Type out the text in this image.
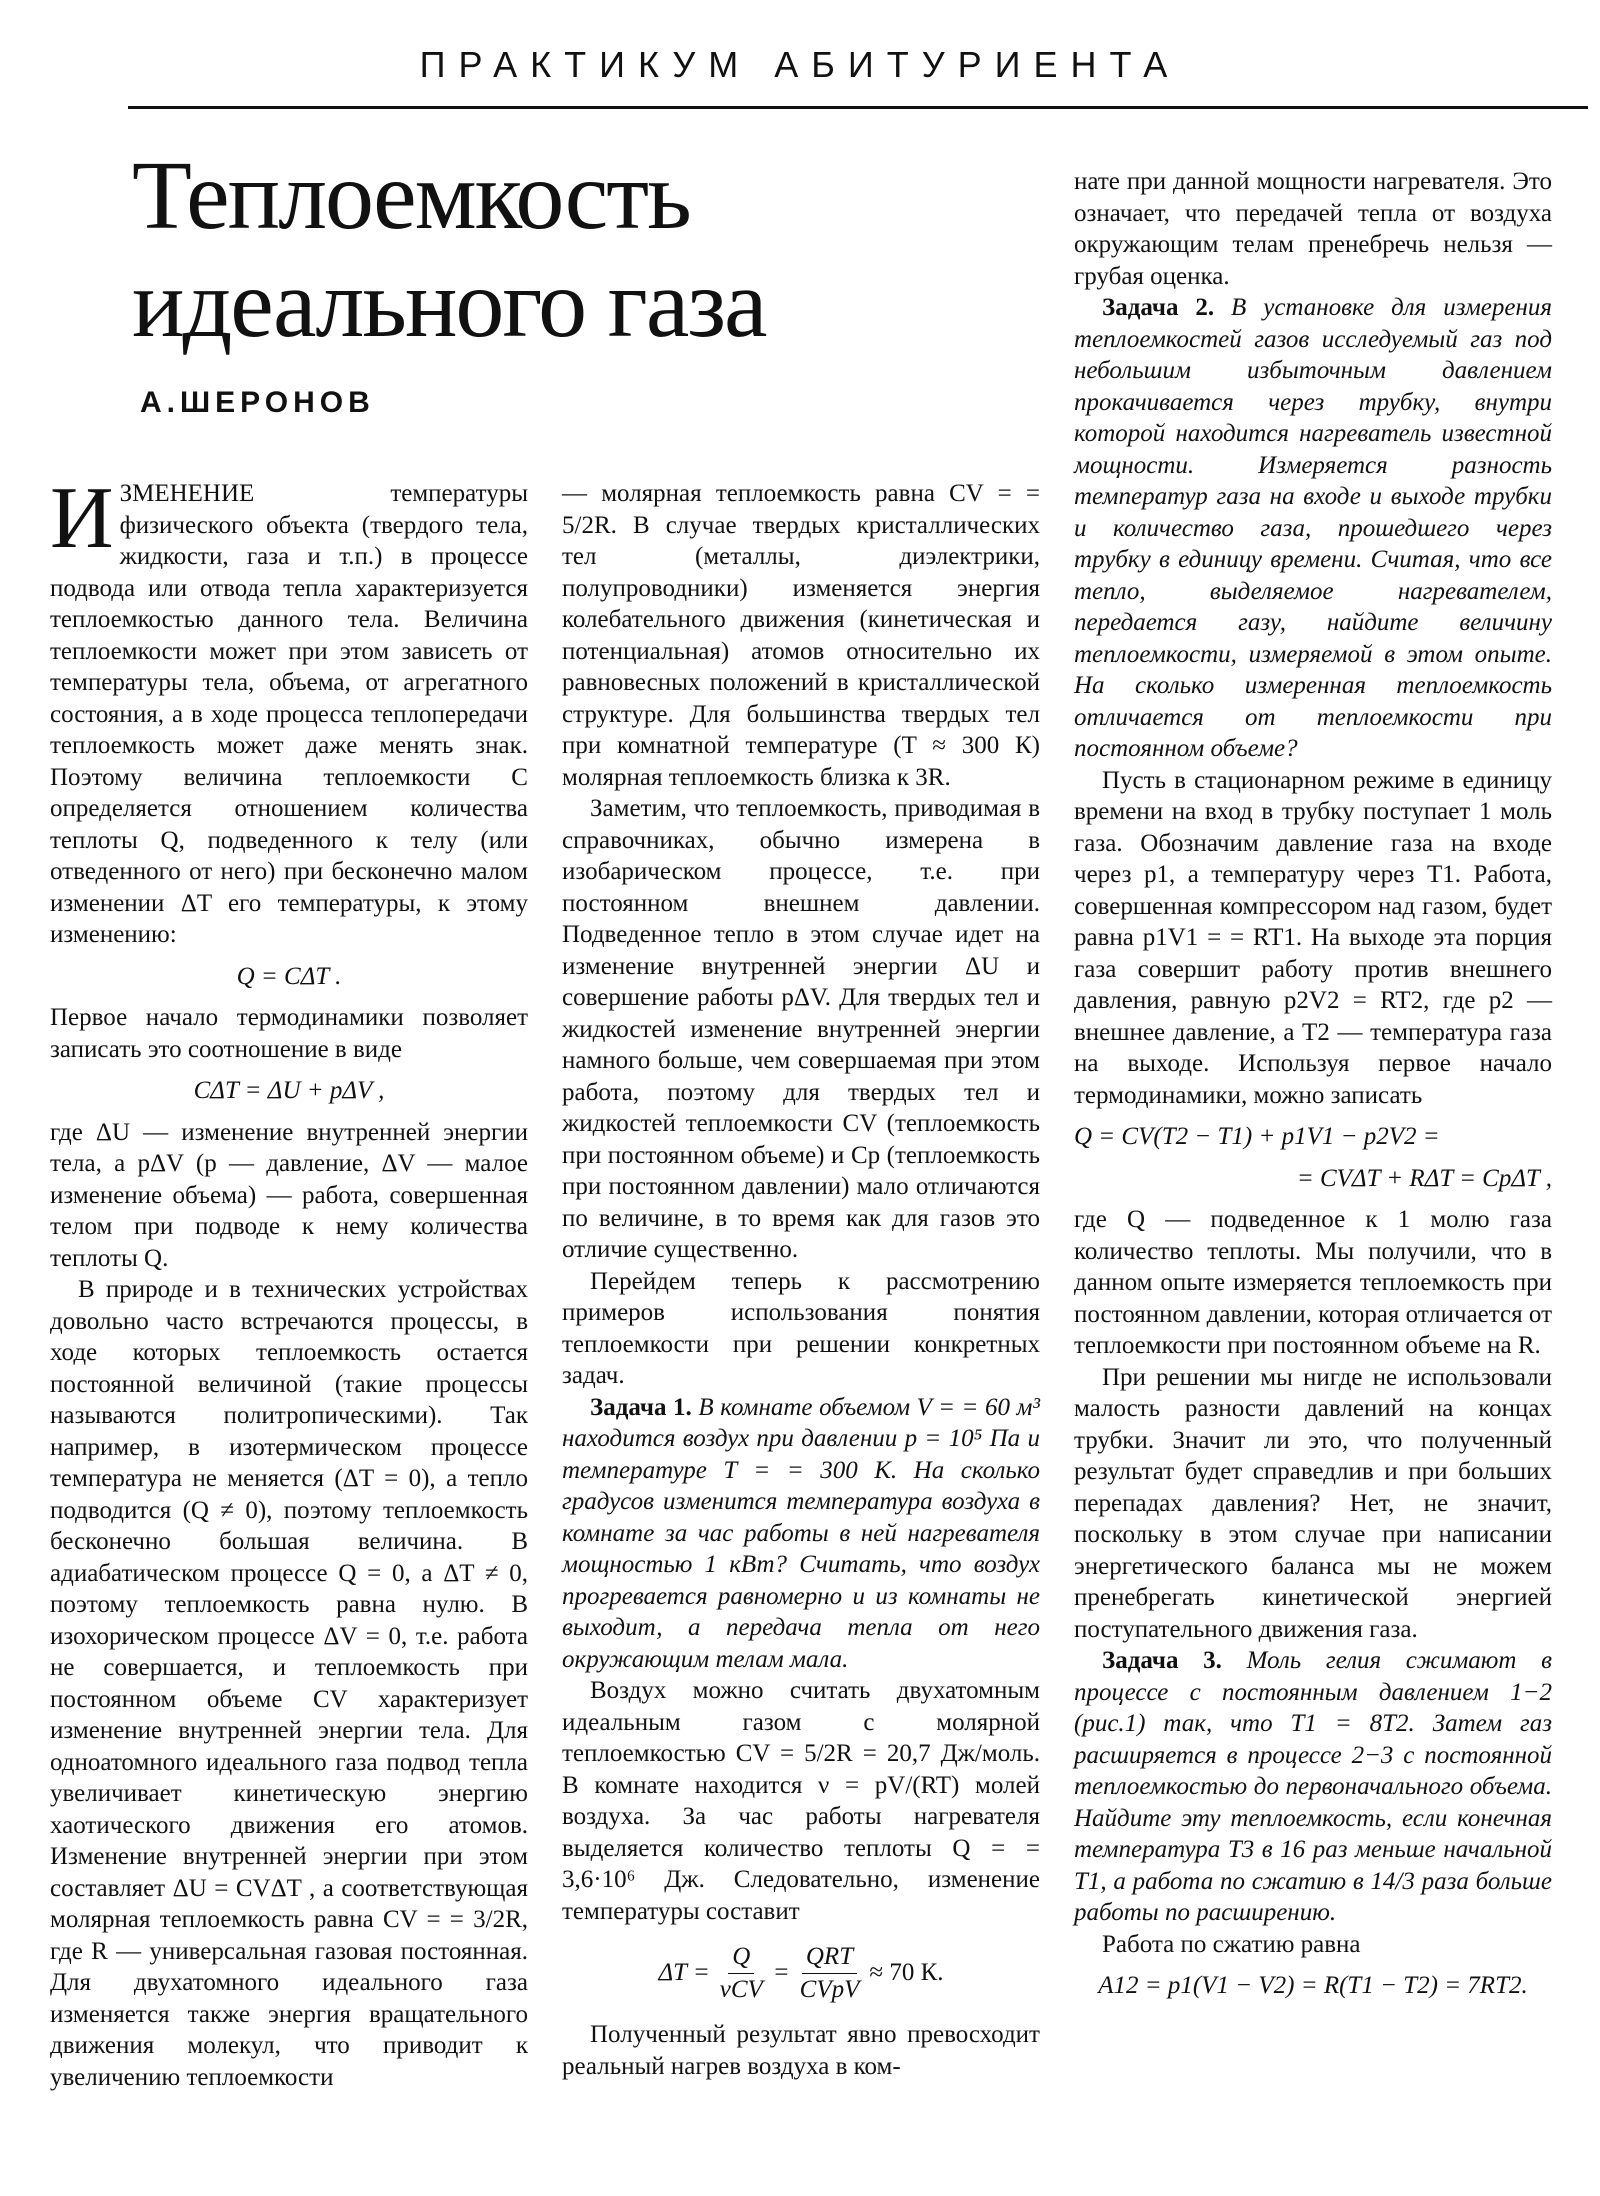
ПРАКТИКУМ АБИТУРИЕНТА
Теплоемкость идеального газа
А.ШЕРОНОВ

ИЗМЕНЕНИЕ температуры физического объекта (твердого тела, жидкости, газа и т.п.) в процессе подвода или отвода тепла характеризуется теплоемкостью данного тела. Величина теплоемкости может при этом зависеть от температуры тела, объема, от агрегатного состояния, а в ходе процесса теплопередачи теплоемкость может даже менять знак. Поэтому величина теплоемкости C определяется отношением количества теплоты Q, подведенного к телу (или отведенного от него) при бесконечно малом изменении ΔT его температуры, к этому изменению:

Q = CΔT .

Первое начало термодинамики позволяет записать это соотношение в виде

CΔT = ΔU + pΔV ,

где ΔU — изменение внутренней энергии тела, а pΔV (p — давление, ΔV — малое изменение объема) — работа, совершенная телом при подводе к нему количества теплоты Q.

В природе и в технических устройствах довольно часто встречаются процессы, в ходе которых теплоемкость остается постоянной величиной (такие процессы называются политропическими). Так например, в изотермическом процессе температура не меняется (ΔT = 0), а тепло подводится (Q ≠ 0), поэтому теплоемкость бесконечно большая величина. В адиабатическом процессе Q = 0, а ΔT ≠ 0, поэтому теплоемкость равна нулю. В изохорическом процессе ΔV = 0, т.е. работа не совершается, и теплоемкость при постоянном объеме CV характеризует изменение внутренней энергии тела. Для одноатомного идеального газа подвод тепла увеличивает кинетическую энергию хаотического движения его атомов. Изменение внутренней энергии при этом составляет ΔU = CVΔT , а соответствующая молярная теплоемкость равна CV = = 3/2R, где R — универсальная газовая постоянная. Для двухатомного идеального газа изменяется также энергия вращательного движения молекул, что приводит к увеличению теплоемкости

— молярная теплоемкость равна CV = = 5/2R. В случае твердых кристаллических тел (металлы, диэлектрики, полупроводники) изменяется энергия колебательного движения (кинетическая и потенциальная) атомов относительно их равновесных положений в кристаллической структуре. Для большинства твердых тел при комнатной температуре (T ≈ 300 К) молярная теплоемкость близка к 3R.

Заметим, что теплоемкость, приводимая в справочниках, обычно измерена в изобарическом процессе, т.е. при постоянном внешнем давлении. Подведенное тепло в этом случае идет на изменение внутренней энергии ΔU и совершение работы pΔV. Для твердых тел и жидкостей изменение внутренней энергии намного больше, чем совершаемая при этом работа, поэтому для твердых тел и жидкостей теплоемкости CV (теплоемкость при постоянном объеме) и Cp (теплоемкость при постоянном давлении) мало отличаются по величине, в то время как для газов это отличие существенно.

Перейдем теперь к рассмотрению примеров использования понятия теплоемкости при решении конкретных задач.

Задача 1. В комнате объемом V = = 60 м³ находится воздух при давлении p = 10⁵ Па и температуре T = = 300 К. На сколько градусов изменится температура воздуха в комнате за час работы в ней нагревателя мощностью 1 кВт? Считать, что воздух прогревается равномерно и из комнаты не выходит, а передача тепла от него окружающим телам мала.

Воздух можно считать двухатомным идеальным газом с молярной теплоемкостью CV = 5/2R = 20,7 Дж/моль. В комнате находится ν = pV/(RT) молей воздуха. За час работы нагревателя выделяется количество теплоты Q = = 3,6·10⁶ Дж. Следовательно, изменение температуры составит

$\Delta T = \frac{Q}{\text{νCV}} = \frac{\text{QRT}}{\text{CVpV}} \approx 70$ К.

Полученный результат явно превосходит реальный нагрев воздуха в ком-

нате при данной мощности нагревателя. Это означает, что передачей тепла от воздуха окружающим телам пренебречь нельзя — грубая оценка.

Задача 2. В установке для измерения теплоемкостей газов исследуемый газ под небольшим избыточным давлением прокачивается через трубку, внутри которой находится нагреватель известной мощности. Измеряется разность температур газа на входе и выходе трубки и количество газа, прошедшего через трубку в единицу времени. Считая, что все тепло, выделяемое нагревателем, передается газу, найдите величину теплоемкости, измеряемой в этом опыте. На сколько измеренная теплоемкость отличается от теплоемкости при постоянном объеме?

Пусть в стационарном режиме в единицу времени на вход в трубку поступает 1 моль газа. Обозначим давление газа на входе через p1, а температуру через T1. Работа, совершенная компрессором над газом, будет равна p1V1 = = RT1. На выходе эта порция газа совершит работу против внешнего давления, равную p2V2 = RT2, где p2 — внешнее давление, а T2 — температура газа на выходе. Используя первое начало термодинамики, можно записать

Q = CV(T2 − T1) + p1V1 − p2V2 =

= CVΔT + RΔT = CpΔT ,

где Q — подведенное к 1 молю газа количество теплоты. Мы получили, что в данном опыте измеряется теплоемкость при постоянном давлении, которая отличается от теплоемкости при постоянном объеме на R.

При решении мы нигде не использовали малость разности давлений на концах трубки. Значит ли это, что полученный результат будет справедлив и при больших перепадах давления? Нет, не значит, поскольку в этом случае при написании энергетического баланса мы не можем пренебрегать кинетической энергией поступательного движения газа.

Задача 3. Моль гелия сжимают в процессе с постоянным давлением 1−2 (рис.1) так, что T1 = 8T2. Затем газ расширяется в процессе 2−3 с постоянной теплоемкостью до первоначального объема. Найдите эту теплоемкость, если конечная температура T3 в 16 раз меньше начальной T1, а работа по сжатию в 14/3 раза больше работы по расширению.

Работа по сжатию равна

A12 = p1(V1 − V2) = R(T1 − T2) = 7RT2.
